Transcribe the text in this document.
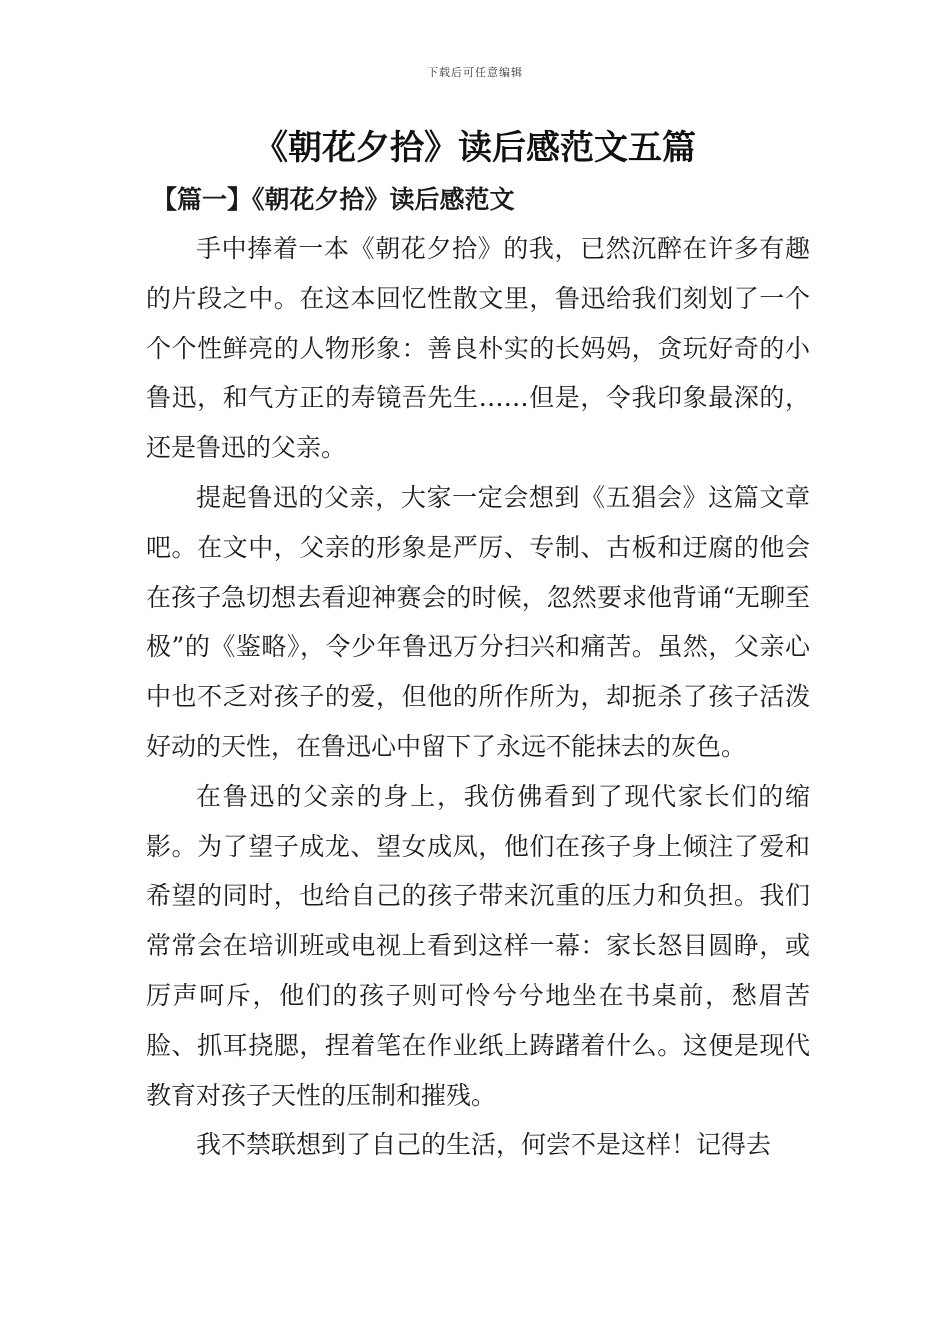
下载后可任意编辑
《朝花夕拾》读后感范文五篇
【篇一】《朝花夕拾》读后感范文

手中捧着一本《朝花夕拾》的我，已然沉醉在许多有趣的片段之中。在这本回忆性散文里，鲁迅给我们刻划了一个个个性鲜亮的人物形象：善良朴实的长妈妈，贪玩好奇的小鲁迅，和气方正的寿镜吾先生……但是，令我印象最深的，还是鲁迅的父亲。

提起鲁迅的父亲，大家一定会想到《五猖会》这篇文章吧。在文中，父亲的形象是严厉、专制、古板和迂腐的他会在孩子急切想去看迎神赛会的时候，忽然要求他背诵“无聊至极”的《鉴略》，令少年鲁迅万分扫兴和痛苦。虽然，父亲心中也不乏对孩子的爱，但他的所作所为，却扼杀了孩子活泼好动的天性，在鲁迅心中留下了永远不能抹去的灰色。

在鲁迅的父亲的身上，我仿佛看到了现代家长们的缩影。为了望子成龙、望女成凤，他们在孩子身上倾注了爱和希望的同时，也给自己的孩子带来沉重的压力和负担。我们常常会在培训班或电视上看到这样一幕：家长怒目圆睁，或厉声呵斥，他们的孩子则可怜兮兮地坐在书桌前，愁眉苦脸、抓耳挠腮，捏着笔在作业纸上踌躇着什么。这便是现代教育对孩子天性的压制和摧残。

我不禁联想到了自己的生活，何尝不是这样！记得去
